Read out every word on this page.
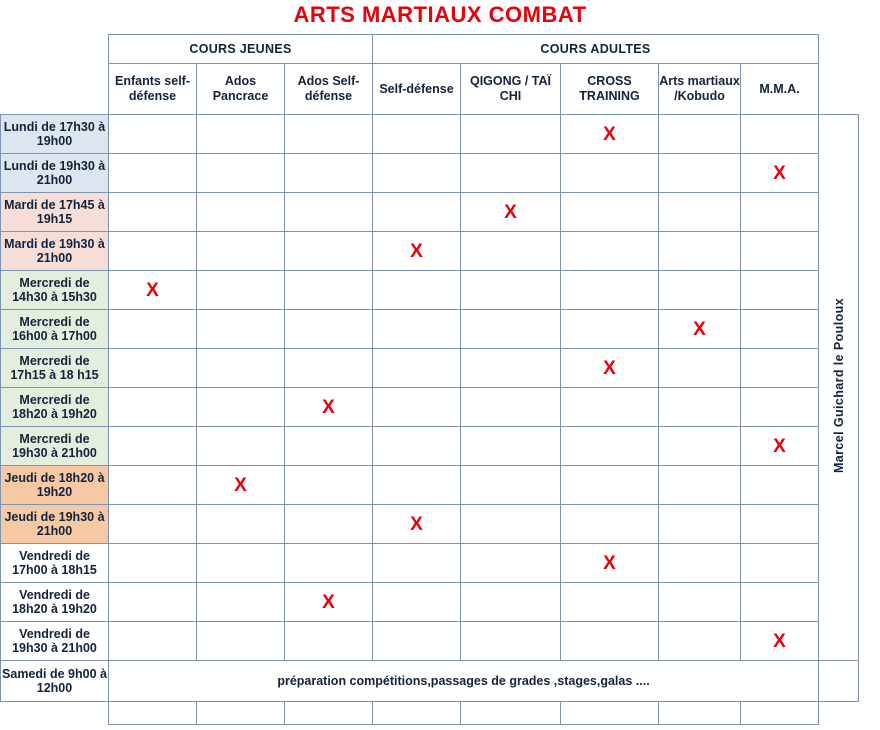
ARTS MARTIAUX COMBAT
	COURS JEUNES			COURS ADULTES					
	Enfants self-défense	Ados Pancrace	Ados Self-défense	Self-défense	QIGONG / TAÏ CHI	CROSS TRAINING	Arts martiaux /Kobudo	M.M.A.	
Lundi de 17h30 à 19h00						X			Marcel Guichard le Pouloux
Lundi de 19h30 à 21h00								X	
Mardi de 17h45 à 19h15					X				
Mardi de 19h30 à 21h00				X					
Mercredi de 14h30 à 15h30	X								
Mercredi de 16h00 à 17h00							X		
Mercredi de 17h15 à 18 h15						X			
Mercredi de 18h20 à 19h20			X						
Mercredi de 19h30 à 21h00								X	
Jeudi de 18h20 à 19h20		X							
Jeudi de 19h30 à 21h00				X					
Vendredi de 17h00 à 18h15						X			
Vendredi de 18h20 à 19h20			X						
Vendredi de 19h30 à 21h00								X	
Samedi de 9h00 à 12h00	préparation compétitions,passages de grades ,stages,galas ....								
